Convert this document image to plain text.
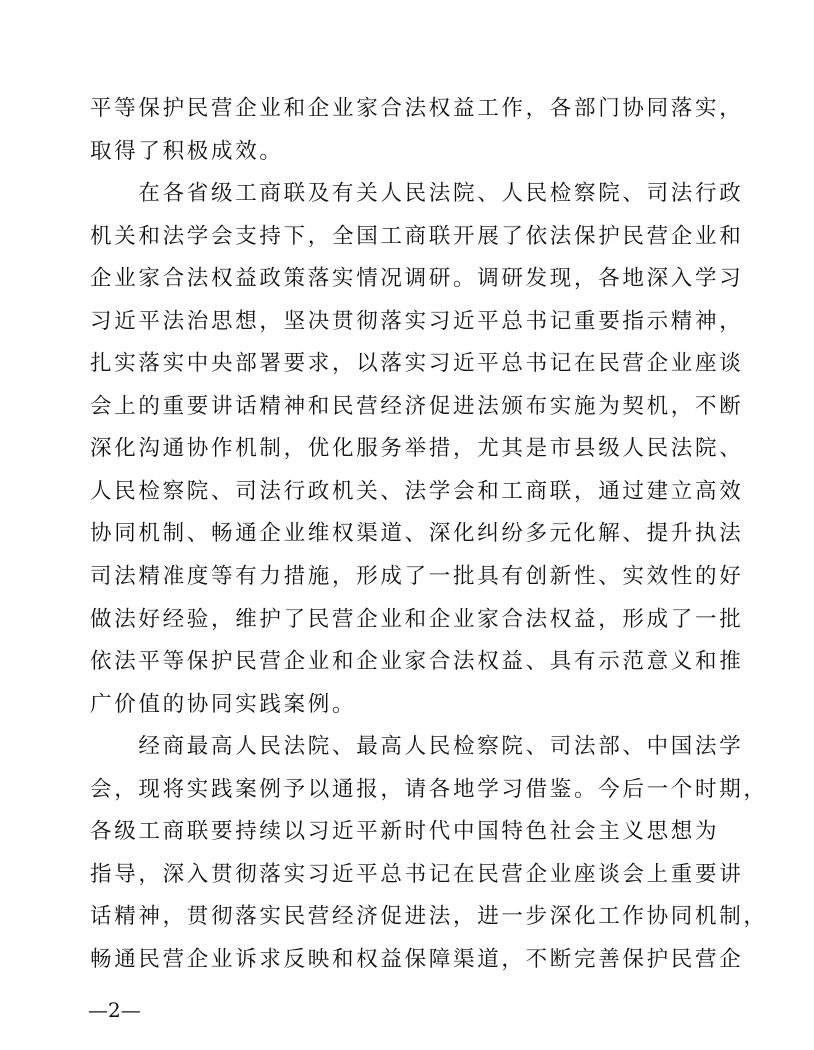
平等保护民营企业和企业家合法权益工作，各部门协同落实，
取得了积极成效。
在各省级工商联及有关人民法院、人民检察院、司法行政
机关和法学会支持下，全国工商联开展了依法保护民营企业和
企业家合法权益政策落实情况调研。调研发现，各地深入学习
习近平法治思想，坚决贯彻落实习近平总书记重要指示精神，
扎实落实中央部署要求，以落实习近平总书记在民营企业座谈
会上的重要讲话精神和民营经济促进法颁布实施为契机，不断
深化沟通协作机制，优化服务举措，尤其是市县级人民法院、
人民检察院、司法行政机关、法学会和工商联，通过建立高效
协同机制、畅通企业维权渠道、深化纠纷多元化解、提升执法
司法精准度等有力措施，形成了一批具有创新性、实效性的好
做法好经验，维护了民营企业和企业家合法权益，形成了一批
依法平等保护民营企业和企业家合法权益、具有示范意义和推
广价值的协同实践案例。
经商最高人民法院、最高人民检察院、司法部、中国法学
会，现将实践案例予以通报，请各地学习借鉴。今后一个时期，
各级工商联要持续以习近平新时代中国特色社会主义思想为
指导，深入贯彻落实习近平总书记在民营企业座谈会上重要讲
话精神，贯彻落实民营经济促进法，进一步深化工作协同机制，
畅通民营企业诉求反映和权益保障渠道，不断完善保护民营企
—2—
